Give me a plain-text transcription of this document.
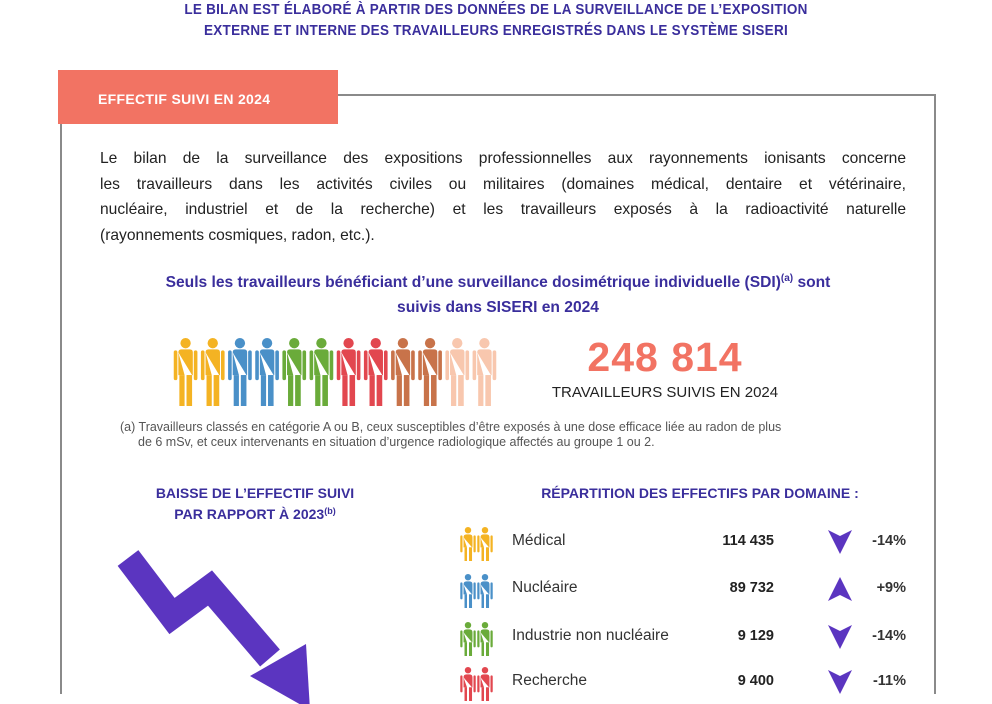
LE BILAN EST ÉLABORÉ À PARTIR DES DONNÉES DE LA SURVEILLANCE DE L’EXPOSITION
EXTERNE ET INTERNE DES TRAVAILLEURS ENREGISTRÉS DANS LE SYSTÈME SISERI
EFFECTIF SUIVI EN 2024
Le bilan de la surveillance des expositions professionnelles aux rayonnements ionisants concerne
les travailleurs dans les activités civiles ou militaires (domaines médical, dentaire et vétérinaire,
nucléaire, industriel et de la recherche) et les travailleurs exposés à la radioactivité naturelle
(rayonnements cosmiques, radon, etc.).
Seuls les travailleurs bénéficiant d’une surveillance dosimétrique individuelle (SDI)$^{(a)}$ sont
suivis dans SISERI en 2024
248 814
TRAVAILLEURS SUIVIS EN 2024
(a) Travailleurs classés en catégorie A ou B, ceux susceptibles d’être exposés à une dose efficace liée au radon de plus
de 6 mSv, et ceux intervenants en situation d’urgence radiologique affectés au groupe 1 ou 2.
BAISSE DE L’EFFECTIF SUIVI
PAR RAPPORT À 2023$^{(b)}$
RÉPARTITION DES EFFECTIFS PAR DOMAINE :
Médical	114 435	-14%
Nucléaire	89 732	+9%
Industrie non nucléaire	9 129	-14%
Recherche	9 400	-11%
